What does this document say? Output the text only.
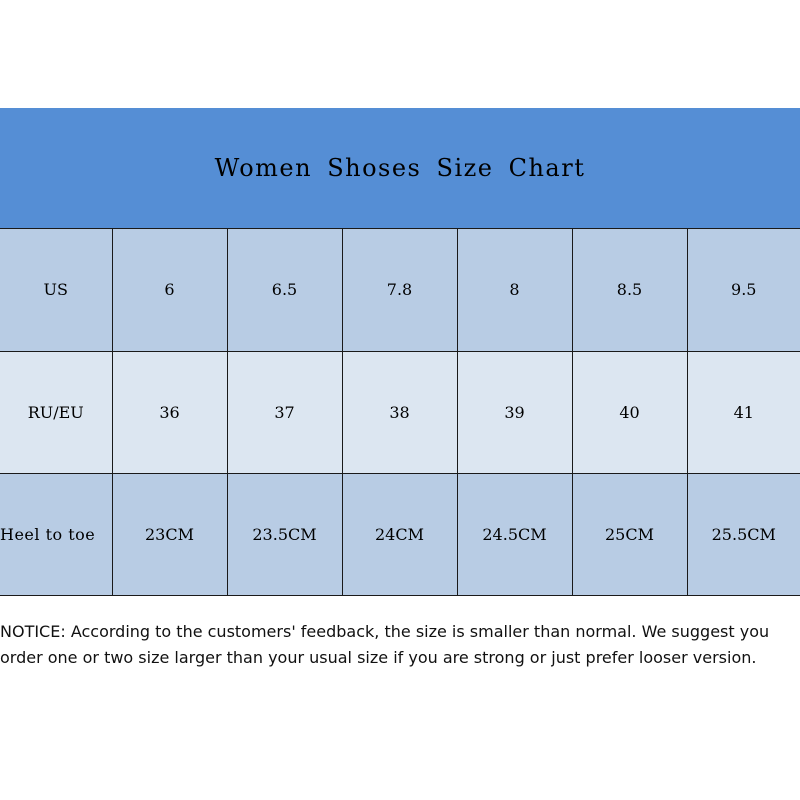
Women Shoses Size Chart
US	6	6.5	7.8	8	8.5	9.5
RU/EU	36	37	38	39	40	41
Heel to toe	23CM	23.5CM	24CM	24.5CM	25CM	25.5CM

NOTICE: According to the customers' feedback, the size is smaller than normal. We suggest you order one or two size larger than your usual size if you are strong or just prefer looser version.
